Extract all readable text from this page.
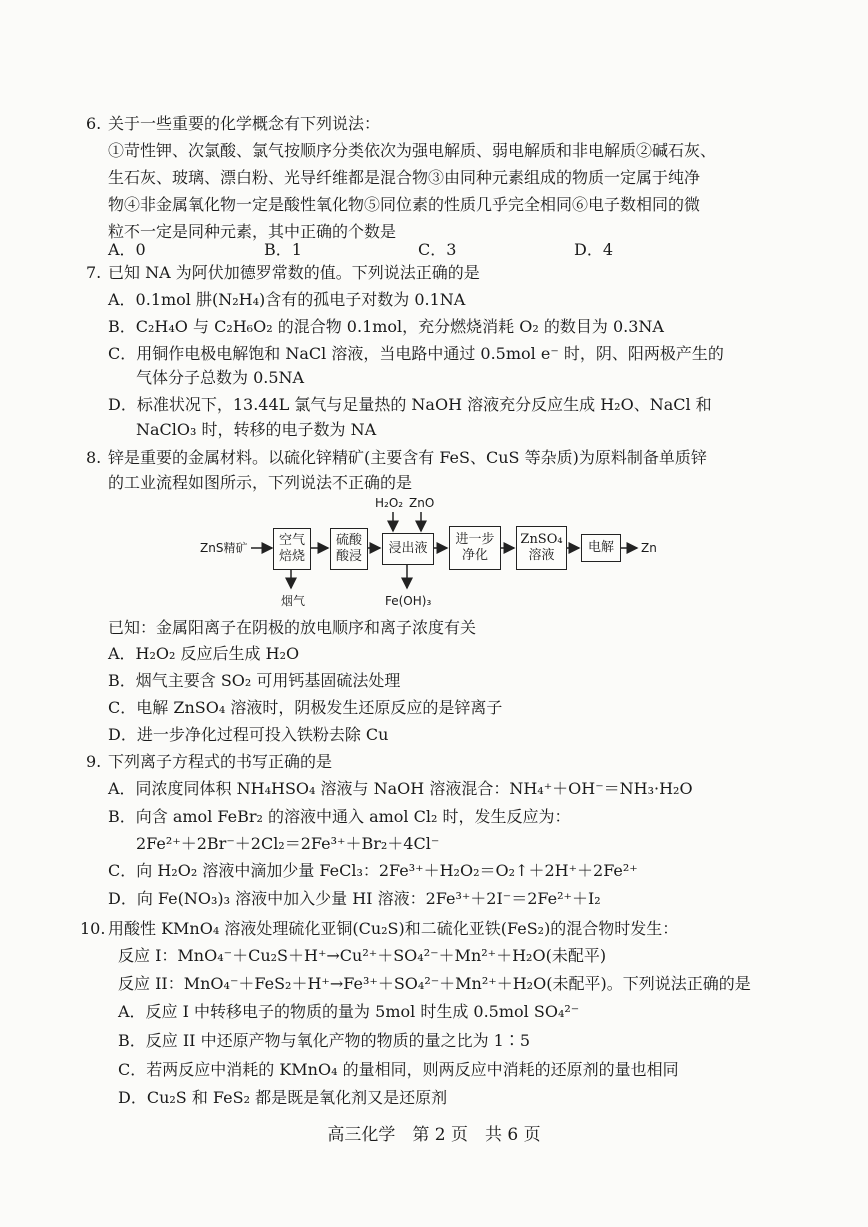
6. 关于一些重要的化学概念有下列说法：
①苛性钾、次氯酸、氯气按顺序分类依次为强电解质、弱电解质和非电解质②碱石灰、
生石灰、玻璃、漂白粉、光导纤维都是混合物③由同种元素组成的物质一定属于纯净
物④非金属氧化物一定是酸性氧化物⑤同位素的性质几乎完全相同⑥电子数相同的微
粒不一定是同种元素，其中正确的个数是
A．0	B．1	C．3	D．4
7. 已知 NA 为阿伏加德罗常数的值。下列说法正确的是
A．0.1mol 肼(N₂H₄)含有的孤电子对数为 0.1NA
B．C₂H₄O 与 C₂H₆O₂ 的混合物 0.1mol，充分燃烧消耗 O₂ 的数目为 0.3NA
C．用铜作电极电解饱和 NaCl 溶液，当电路中通过 0.5mol e⁻ 时，阴、阳两极产生的
气体分子总数为 0.5NA
D．标准状况下，13.44L 氯气与足量热的 NaOH 溶液充分反应生成 H₂O、NaCl 和
NaClO₃ 时，转移的电子数为 NA
8. 锌是重要的金属材料。以硫化锌精矿(主要含有 FeS、CuS 等杂质)为原料制备单质锌
的工业流程如图所示，下列说法不正确的是
ZnS精矿 空气
焙烧
硫酸
酸浸
浸出液
进一步
净化
ZnSO₄
溶液
电解	Zn
H₂O₂ ZnO
烟气	Fe(OH)₃
已知：金属阳离子在阴极的放电顺序和离子浓度有关
A．H₂O₂ 反应后生成 H₂O
B．烟气主要含 SO₂ 可用钙基固硫法处理
C．电解 ZnSO₄ 溶液时，阴极发生还原反应的是锌离子
D．进一步净化过程可投入铁粉去除 Cu
9. 下列离子方程式的书写正确的是
A．同浓度同体积 NH₄HSO₄ 溶液与 NaOH 溶液混合：NH₄⁺＋OH⁻＝NH₃·H₂O
B．向含 amol FeBr₂ 的溶液中通入 amol Cl₂ 时，发生反应为：
2Fe²⁺＋2Br⁻＋2Cl₂＝2Fe³⁺＋Br₂＋4Cl⁻
C．向 H₂O₂ 溶液中滴加少量 FeCl₃：2Fe³⁺＋H₂O₂＝O₂↑＋2H⁺＋2Fe²⁺
D．向 Fe(NO₃)₃ 溶液中加入少量 HI 溶液：2Fe³⁺＋2I⁻＝2Fe²⁺＋I₂
10. 用酸性 KMnO₄ 溶液处理硫化亚铜(Cu₂S)和二硫化亚铁(FeS₂)的混合物时发生：
反应 I：MnO₄⁻＋Cu₂S＋H⁺→Cu²⁺＋SO₄²⁻＋Mn²⁺＋H₂O(未配平)
反应 II：MnO₄⁻＋FeS₂＋H⁺→Fe³⁺＋SO₄²⁻＋Mn²⁺＋H₂O(未配平)。下列说法正确的是
A．反应 I 中转移电子的物质的量为 5mol 时生成 0.5mol SO₄²⁻
B．反应 II 中还原产物与氧化产物的物质的量之比为 1∶5
C．若两反应中消耗的 KMnO₄ 的量相同，则两反应中消耗的还原剂的量也相同
D．Cu₂S 和 FeS₂ 都是既是氧化剂又是还原剂
高三化学　第 2 页　共 6 页
